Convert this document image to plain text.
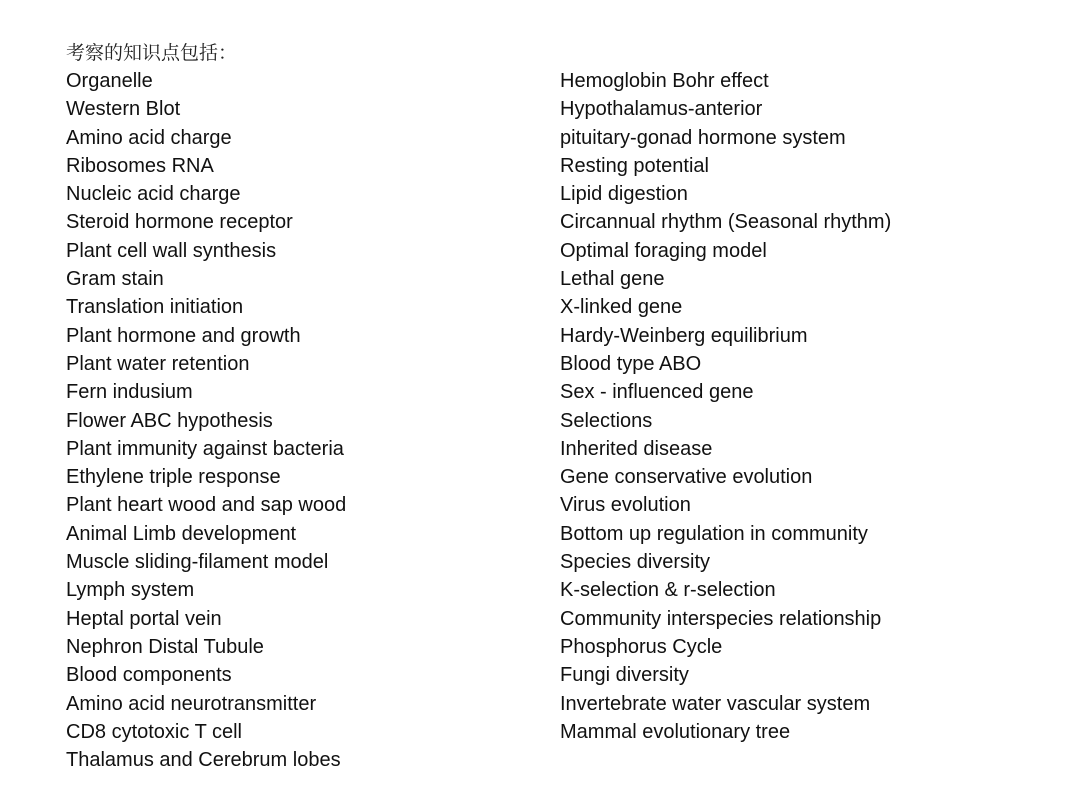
考察的知识点包括：
Organelle
Western Blot
Amino acid charge
Ribosomes RNA
Nucleic acid charge
Steroid hormone receptor
Plant cell wall synthesis
Gram stain
Translation initiation
Plant hormone and growth
Plant water retention
Fern indusium
Flower ABC hypothesis
Plant immunity against bacteria
Ethylene triple response
Plant heart wood and sap wood
Animal Limb development
Muscle sliding-filament model
Lymph system
Heptal portal vein
Nephron Distal Tubule
Blood components
Amino acid neurotransmitter
CD8 cytotoxic T cell
Thalamus and Cerebrum lobes
Hemoglobin Bohr effect
Hypothalamus-anterior
pituitary-gonad hormone system
Resting potential
Lipid digestion
Circannual rhythm (Seasonal rhythm)
Optimal foraging model
Lethal gene
X-linked gene
Hardy-Weinberg equilibrium
Blood type ABO
Sex - influenced gene
Selections
Inherited disease
Gene conservative evolution
Virus evolution
Bottom up regulation in community
Species diversity
K-selection & r-selection
Community interspecies relationship
Phosphorus Cycle
Fungi diversity
Invertebrate water vascular system
Mammal evolutionary tree
